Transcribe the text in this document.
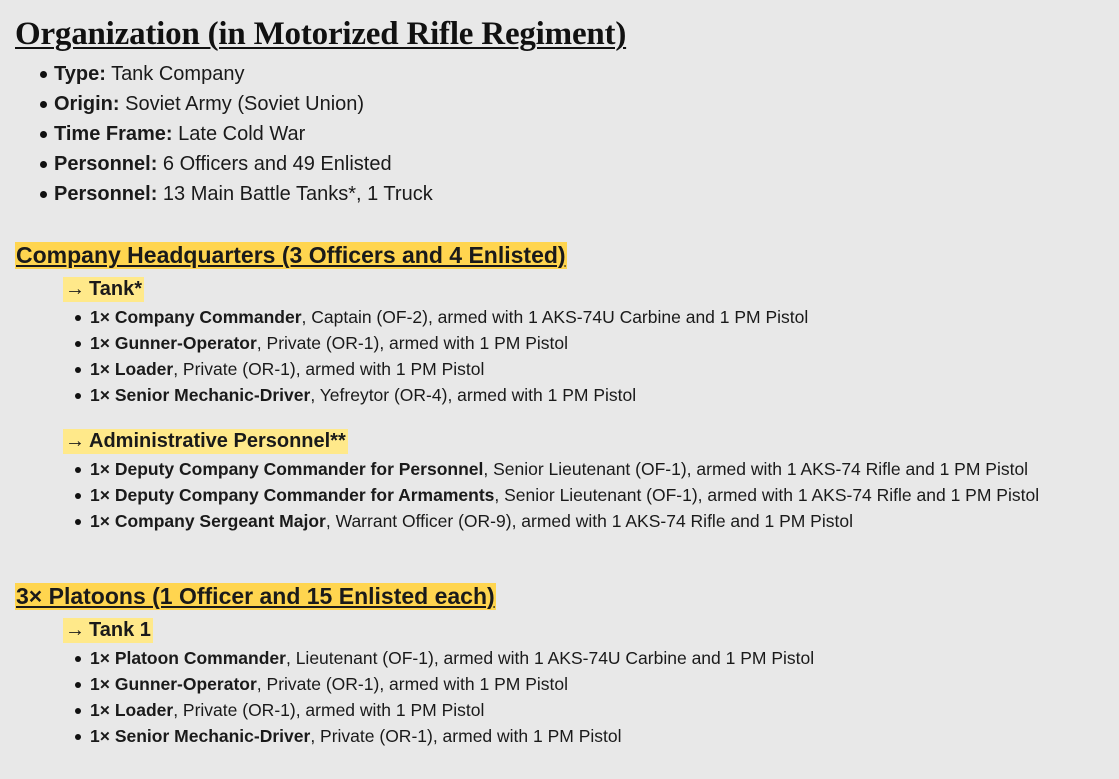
Organization (in Motorized Rifle Regiment)
Type: Tank Company
Origin: Soviet Army (Soviet Union)
Time Frame: Late Cold War
Personnel: 6 Officers and 49 Enlisted
Personnel: 13 Main Battle Tanks*, 1 Truck
Company Headquarters (3 Officers and 4 Enlisted)
→ Tank*
1× Company Commander, Captain (OF-2), armed with 1 AKS-74U Carbine and 1 PM Pistol
1× Gunner-Operator, Private (OR-1), armed with 1 PM Pistol
1× Loader, Private (OR-1), armed with 1 PM Pistol
1× Senior Mechanic-Driver, Yefreytor (OR-4), armed with 1 PM Pistol
→ Administrative Personnel**
1× Deputy Company Commander for Personnel, Senior Lieutenant (OF-1), armed with 1 AKS-74 Rifle and 1 PM Pistol
1× Deputy Company Commander for Armaments, Senior Lieutenant (OF-1), armed with 1 AKS-74 Rifle and 1 PM Pistol
1× Company Sergeant Major, Warrant Officer (OR-9), armed with 1 AKS-74 Rifle and 1 PM Pistol
3× Platoons (1 Officer and 15 Enlisted each)
→ Tank 1
1× Platoon Commander, Lieutenant (OF-1), armed with 1 AKS-74U Carbine and 1 PM Pistol
1× Gunner-Operator, Private (OR-1), armed with 1 PM Pistol
1× Loader, Private (OR-1), armed with 1 PM Pistol
1× Senior Mechanic-Driver, Private (OR-1), armed with 1 PM Pistol
